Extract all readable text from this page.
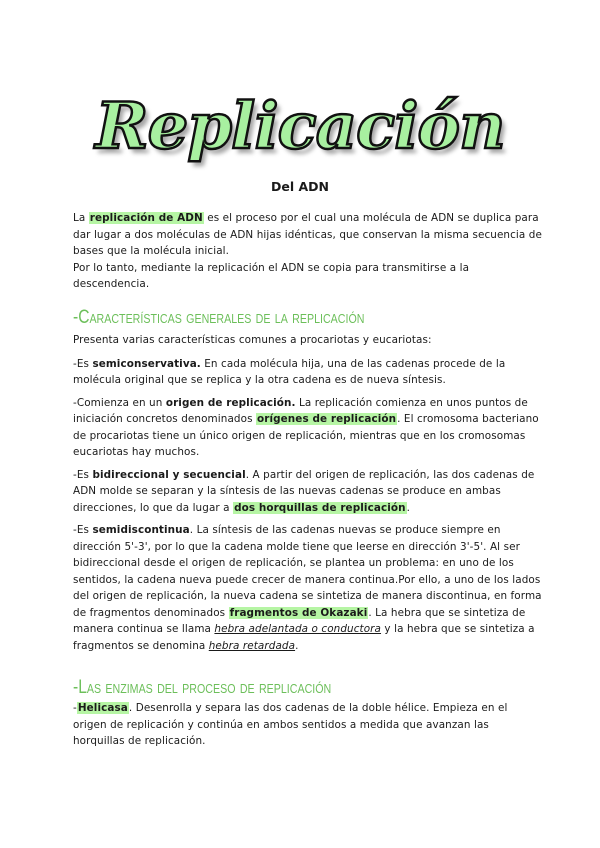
Replicación
Del ADN

La replicación de ADN es el proceso por el cual una molécula de ADN se duplica para dar lugar a dos moléculas de ADN hijas idénticas, que conservan la misma secuencia de bases que la molécula inicial.

Por lo tanto, mediante la replicación el ADN se copia para transmitirse a la descendencia.

-Características generales de la replicación

Presenta varias características comunes a procariotas y eucariotas:

-Es semiconservativa. En cada molécula hija, una de las cadenas procede de la molécula original que se replica y la otra cadena es de nueva síntesis.

-Comienza en un origen de replicación. La replicación comienza en unos puntos de iniciación concretos denominados orígenes de replicación. El cromosoma bacteriano de procariotas tiene un único origen de replicación, mientras que en los cromosomas eucariotas hay muchos.

-Es bidireccional y secuencial. A partir del origen de replicación, las dos cadenas de ADN molde se separan y la síntesis de las nuevas cadenas se produce en ambas direcciones, lo que da lugar a dos horquillas de replicación.

-Es semidiscontinua. La síntesis de las cadenas nuevas se produce siempre en dirección 5'-3', por lo que la cadena molde tiene que leerse en dirección 3'-5'. Al ser bidireccional desde el origen de replicación, se plantea un problema: en uno de los sentidos, la cadena nueva puede crecer de manera continua.Por ello, a uno de los lados del origen de replicación, la nueva cadena se sintetiza de manera discontinua, en forma de fragmentos denominados fragmentos de Okazaki. La hebra que se sintetiza de manera continua se llama hebra adelantada o conductora y la hebra que se sintetiza a fragmentos se denomina hebra retardada.

-Las enzimas del proceso de replicación

-Helicasa. Desenrolla y separa las dos cadenas de la doble hélice. Empieza en el origen de replicación y continúa en ambos sentidos a medida que avanzan las horquillas de replicación.
